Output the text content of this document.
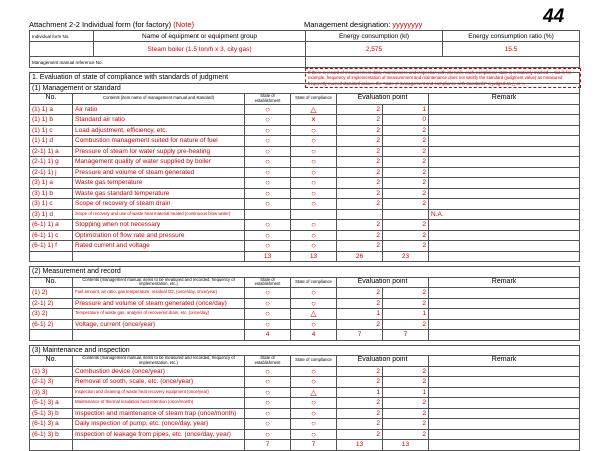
44
Attachment 2-2 Individual form (for factory) (Note)	Management designation: yyyyyyyy
Individual form No.	Name of equipment or equipment group	Energy consumption (kl)	Energy consumption ratio (%)
	Steam boiler (1.5 ton/h x 3, city gas)	2,575	15.5
Management manual reference No.			
If there is record of measurement data, maintenance and inspection with intervals, each compliance state is tentatively marked ○, but if, for example, frequency of implementation of measurement and maintenance does not satisfy the standard (judgment value) as measured frequently exceed standard values, the "state of management and compliance with standards" is judged as △ or ×.
1. Evaluation of state of compliance with standards of judgment						
(1) Management or standard						
No.	Contents (item name of management manual and standard)	State of establishment	State of compliance	Evaluation point		Remark
(1) 1) a	Air ratio	○	△	2	1	
(1) 1) b	Standard air ratio	○	×	2	0	
(1) 1) c	Load adjustment, efficiency, etc.	○	○	2	2	
(1) 1) d	Combustion management suited for nature of fuel	○	○	2	2	
(2-1) 1) a	Pressure of steam for water supply pre-heating	○	○	2	2	
(2-1) 1) g	Management quality of water supplied by boiler	○	○	2	2	
(2-1) 1) j	Pressure and volume of steam generated	○	○	2	2	
(3) 1) a	Waste gas temperature	○	○	2	2	
(3) 1) b	Waste gas standard temperature	○	○	2	2	
(3) 1) c	Scope of recovery of steam drain	○	○	2	2	
(3) 1) d	Scope of recovery and use of waste heat material heated (continuous blow water)					N.A.
(6-1) 1) a	Stopping when not necessary	○	○	2	2	
(6-1) 1) c	Optimization of flow rate and pressure	○	○	2	2	
(6-1) 1) f	Rated current and voltage	○	○	2	2	
		13	13	26	23	

(2) Measurement and record						
No.	Contents (management manual, items to be measured and recorded, frequency of implementation, etc.)	State of establishment	State of compliance	Evaluation point		Remark
(1) 2)	Fuel amount, air ratio, gas temperature, residual O2, (once/day, once/year)	○	○	2	2	
(2-1) 2)	Pressure and volume of steam generated (once/day)	○	○	2	2	
(3) 2)	Temperature of waste gas, analysis of recovered drain, etc. (once/day)	○	△	1	1	
(6-1) 2)	Voltage, current (once/year)	○	○	2	2	
		4	4	7	7	

(3) Maintenance and inspection						
No.	Contents (management manual, items to be measured and recorded, frequency of implementation, etc.)	State of establishment	State of compliance	Evaluation point		Remark
(1) 3)	Combustion device (once/year)	○	○	2	2	
(2-1) 3)	Removal of sooth, scale, etc. (once/year)	○	○	2	2	
(3) 3)	Inspection and cleaning of waste heat recovery equipment (once/year)	○	△	1	1	
(5-1) 3) a	Maintenance of thermal insulation heat retention (once/month)	○	○	2	2	
(5-1) 3) b	Inspection and maintenance of steam trap (once/month)	○	○	2	2	
(6-1) 3) a	Daily inspection of pump, etc. (once/day, year)	○	○	2	2	
(6-1) 3) b	Inspection of leakage from pipes, etc. (once/day, year)	○	○	2	2	
		7	7	13	13	
